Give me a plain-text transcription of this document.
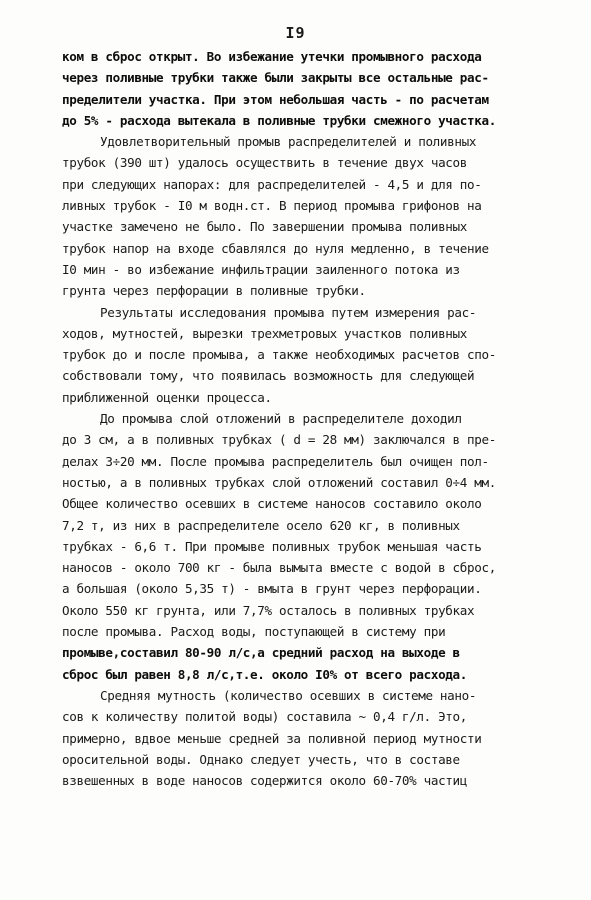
I9
ком в сброс открыт. Во избежание утечки промывного расхода
через поливные трубки также были закрыты все остальные рас-
пределители участка. При этом небольшая часть - по расчетам
до 5% - расхода вытекала в поливные трубки смежного участка.
Удовлетворительный промыв распределителей и поливных
трубок (390 шт) удалось осуществить в течение двух часов
при следующих напорах: для распределителей - 4,5 и для по-
ливных трубок - I0 м водн.ст. В период промыва грифонов на
участке замечено не было. По завершении промыва поливных
трубок напор на входе сбавлялся до нуля медленно, в течение
I0 мин - во избежание инфильтрации заиленного потока из
грунта через перфорации в поливные трубки.
Результаты исследования промыва путем измерения рас-
ходов, мутностей, вырезки трехметровых участков поливных
трубок до и после промыва, а также необходимых расчетов спо-
собствовали тому, что появилась возможность для следующей
приближенной оценки процесса.
До промыва слой отложений в распределителе доходил
до 3 см, а в поливных трубках ( d = 28 мм) заключался в пре-
делах 3÷20 мм. После промыва распределитель был очищен пол-
ностью, а в поливных трубках слой отложений составил 0÷4 мм.
Общее количество осевших в системе наносов составило около
7,2 т, из них в распределителе осело 620 кг, в поливных
трубках - 6,6 т. При промыве поливных трубок меньшая часть
наносов - около 700 кг - была вымыта вместе с водой в сброс,
а большая (около 5,35 т) - вмыта в грунт через перфорации.
Около 550 кг грунта, или 7,7% осталось в поливных трубках
после промыва. Расход воды, поступающей в систему при
промыве,составил 80-90 л/с,а средний расход на выходе в
сброс был равен 8,8 л/с,т.е. около I0% от всего расхода.
Средняя мутность (количество осевших в системе нано-
сов к количеству политой воды) составила ~ 0,4 г/л. Это,
примерно, вдвое меньше средней за поливной период мутности
оросительной воды. Однако следует учесть, что в составе
взвешенных в воде наносов содержится около 60-70% частиц
